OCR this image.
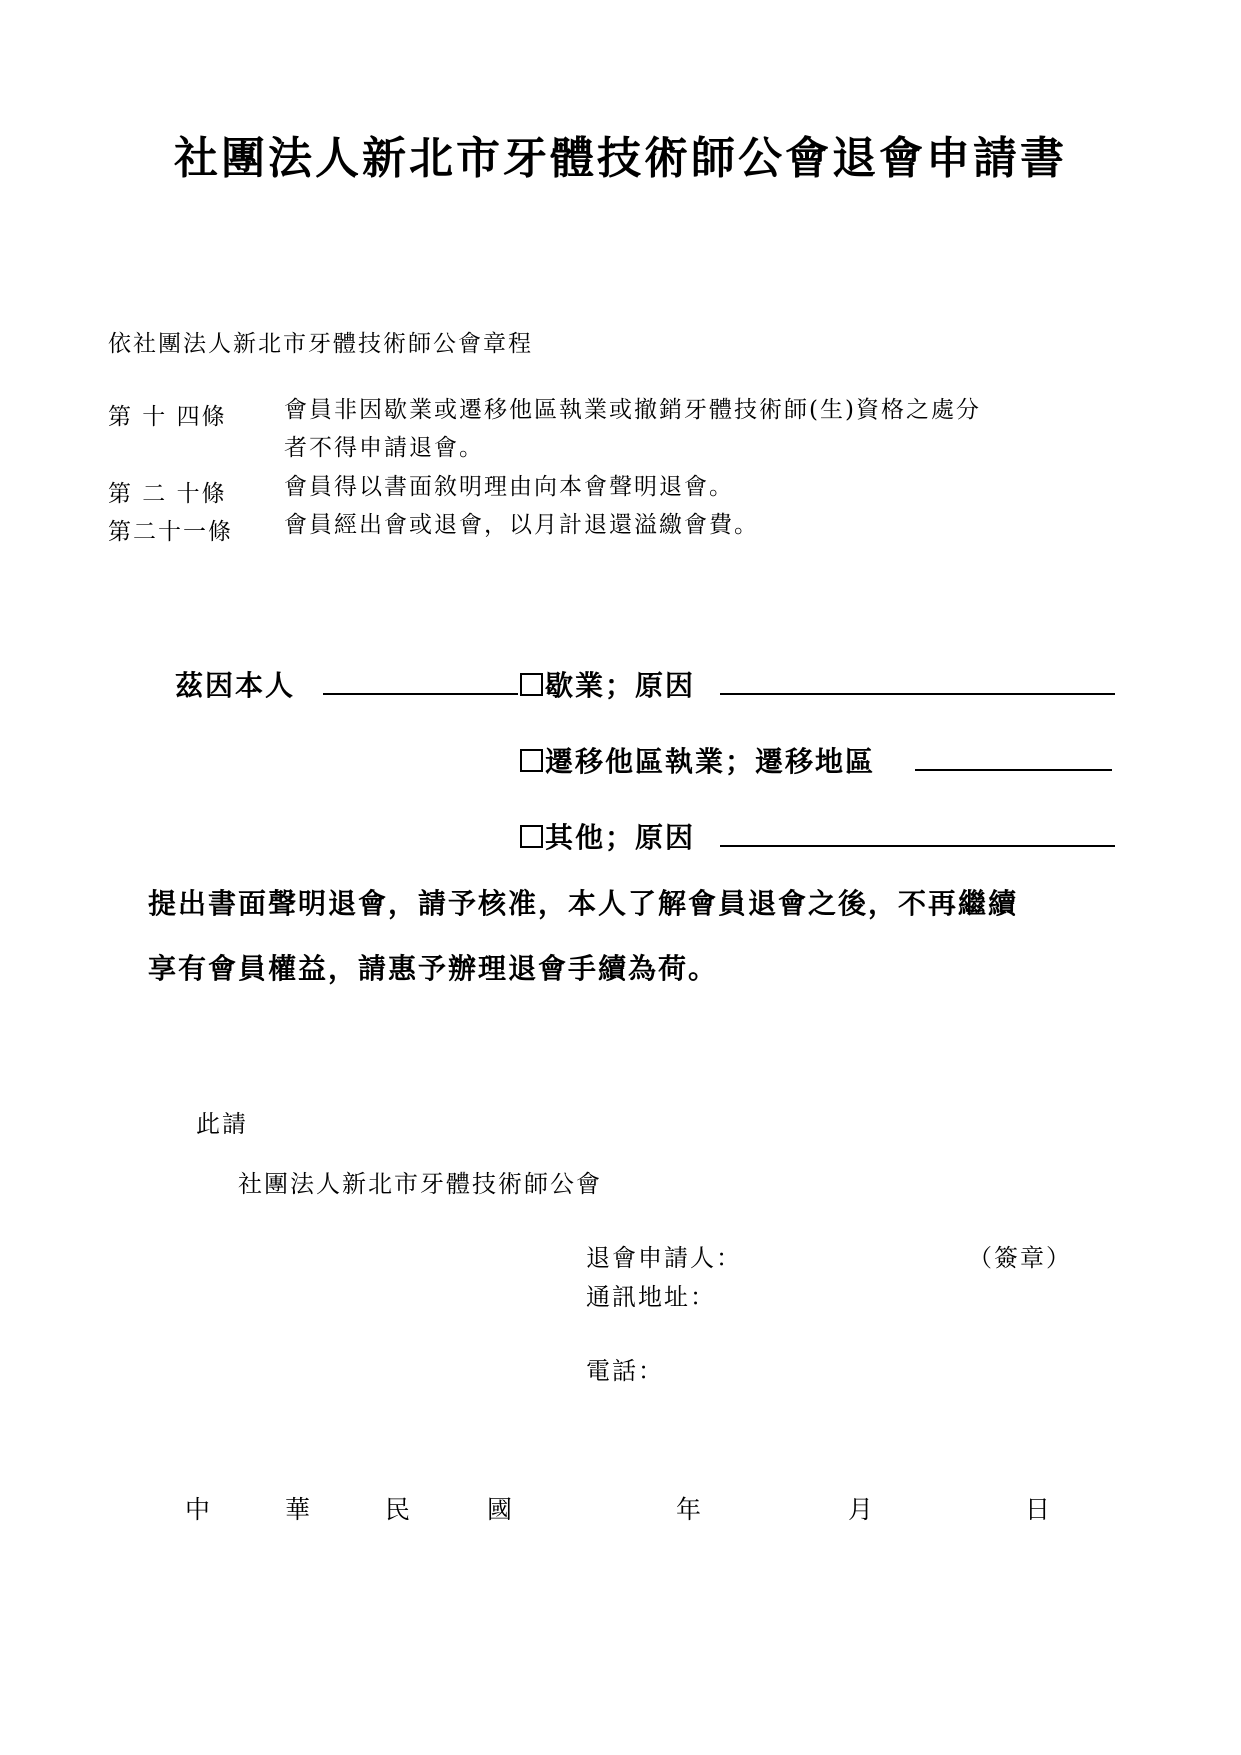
社團法人新北市牙體技術師公會退會申請書
依社團法人新北市牙體技術師公會章程
第 十 四條 會員非因歇業或遷移他區執業或撤銷牙體技術師(生)資格之處分
者不得申請退會。
第 二 十條 會員得以書面敘明理由向本會聲明退會。
第二十一條 會員經出會或退會，以月計退還溢繳會費。
茲因本人	歇業；原因
遷移他區執業；遷移地區
其他；原因
提出書面聲明退會，請予核准，本人了解會員退會之後，不再繼續
享有會員權益，請惠予辦理退會手續為荷。
此請
社團法人新北市牙體技術師公會
退會申請人：	（簽章）
通訊地址：
電話：
中	華	民	國	年	月	日
